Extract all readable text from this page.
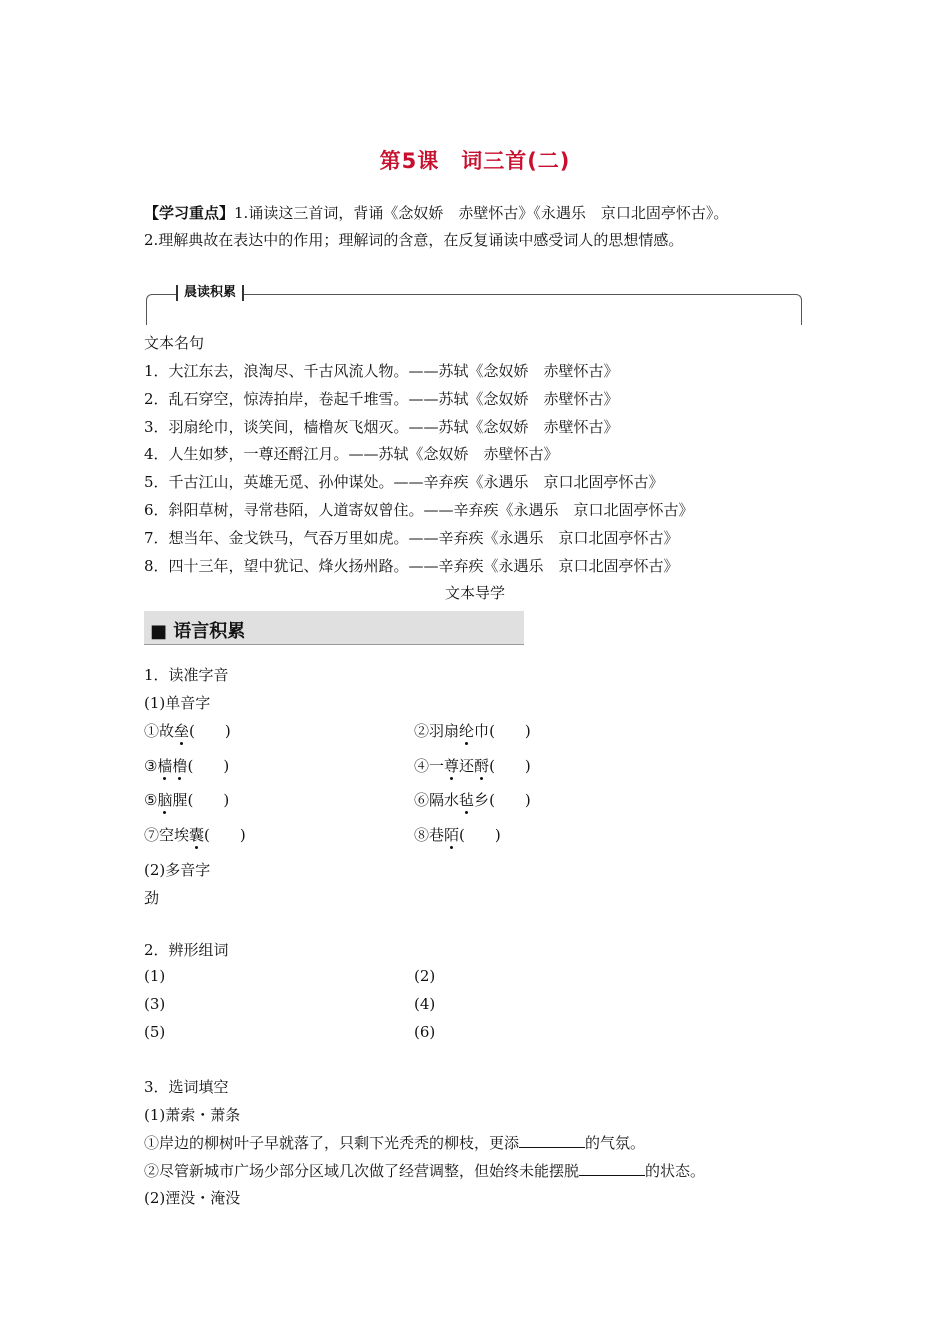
第5课　词三首(二)
【学习重点】1.诵读这三首词，背诵《念奴娇　赤壁怀古》《永遇乐　京口北固亭怀古》。
2.理解典故在表达中的作用；理解词的含意，在反复诵读中感受词人的思想情感。
晨读积累
文本名句
1．大江东去，浪淘尽、千古风流人物。——苏轼《念奴娇　赤壁怀古》
2．乱石穿空，惊涛拍岸，卷起千堆雪。——苏轼《念奴娇　赤壁怀古》
3．羽扇纶巾，谈笑间，樯橹灰飞烟灭。——苏轼《念奴娇　赤壁怀古》
4．人生如梦，一尊还酹江月。——苏轼《念奴娇　赤壁怀古》
5．千古江山，英雄无觅、孙仲谋处。——辛弃疾《永遇乐　京口北固亭怀古》
6．斜阳草树，寻常巷陌，人道寄奴曾住。——辛弃疾《永遇乐　京口北固亭怀古》
7．想当年、金戈铁马，气吞万里如虎。——辛弃疾《永遇乐　京口北固亭怀古》
8．四十三年，望中犹记、烽火扬州路。——辛弃疾《永遇乐　京口北固亭怀古》
文本导学
■ 语言积累
1．读准字音
(1)单音字
①故垒(　　)	②羽扇纶巾(　　)
③樯橹(　　)	④一尊还酹(　　)
⑤脑腥(　　)	⑥隔水毡乡(　　)
⑦空埃囊(　　)	⑧巷陌(　　)
(2)多音字
劲
2．辨形组词
(1)	(2)
(3)	(4)
(5)	(6)
3．选词填空
(1)萧索・萧条
①岸边的柳树叶子早就落了，只剩下光秃秃的柳枝，更添	的气氛。
②尽管新城市广场少部分区域几次做了经营调整，但始终未能摆脱	的状态。
(2)湮没・淹没
